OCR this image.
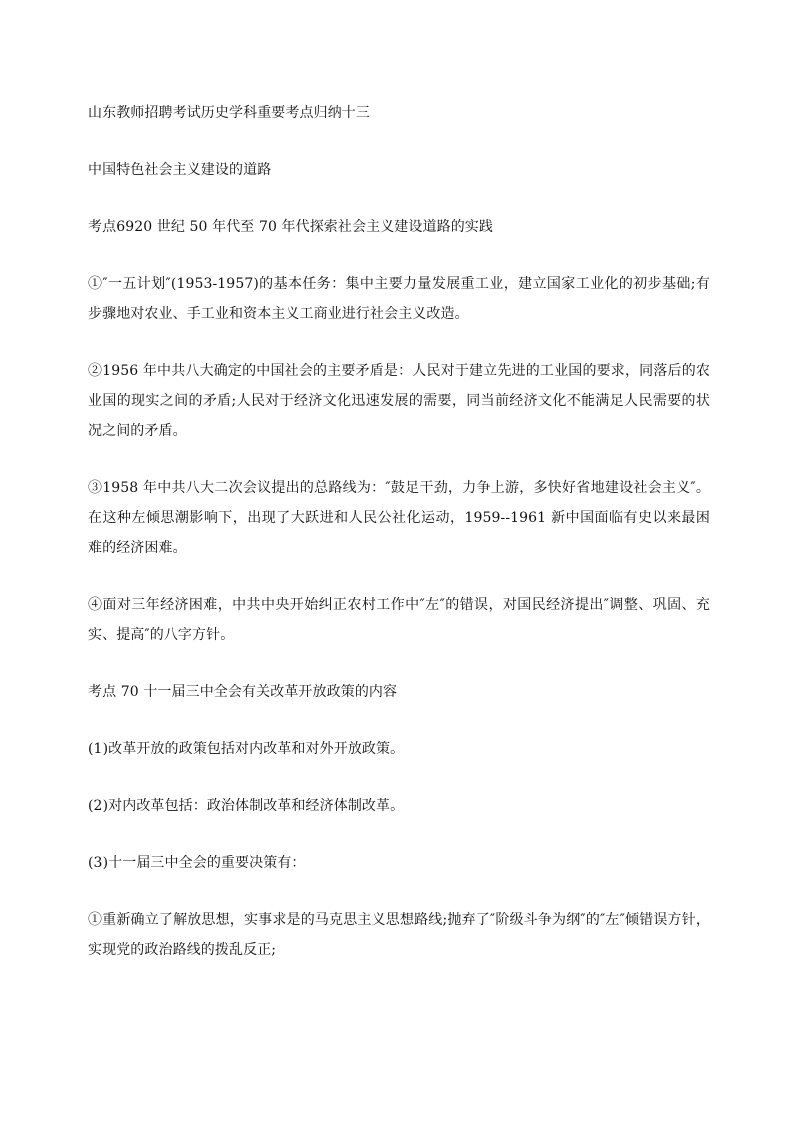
山东教师招聘考试历史学科重要考点归纳十三

中国特色社会主义建设的道路

考点6920 世纪 50 年代至 70 年代探索社会主义建设道路的实践

①″一五计划″(1953-1957)的基本任务：集中主要力量发展重工业，建立国家工业化的初步基础;有步骤地对农业、手工业和资本主义工商业进行社会主义改造。

②1956 年中共八大确定的中国社会的主要矛盾是：人民对于建立先进的工业国的要求，同落后的农业国的现实之间的矛盾;人民对于经济文化迅速发展的需要，同当前经济文化不能满足人民需要的状况之间的矛盾。

③1958 年中共八大二次会议提出的总路线为：″鼓足干劲，力争上游，多快好省地建设社会主义″。在这种左倾思潮影响下，出现了大跃进和人民公社化运动，1959--1961 新中国面临有史以来最困难的经济困难。

④面对三年经济困难，中共中央开始纠正农村工作中″左″的错误，对国民经济提出″调整、巩固、充实、提高″的八字方针。

考点 70 十一届三中全会有关改革开放政策的内容

(1)改革开放的政策包括对内改革和对外开放政策。

(2)对内改革包括：政治体制改革和经济体制改革。

(3)十一届三中全会的重要决策有：

①重新确立了解放思想，实事求是的马克思主义思想路线;抛弃了″阶级斗争为纲″的″左″倾错误方针，实现党的政治路线的拨乱反正;
